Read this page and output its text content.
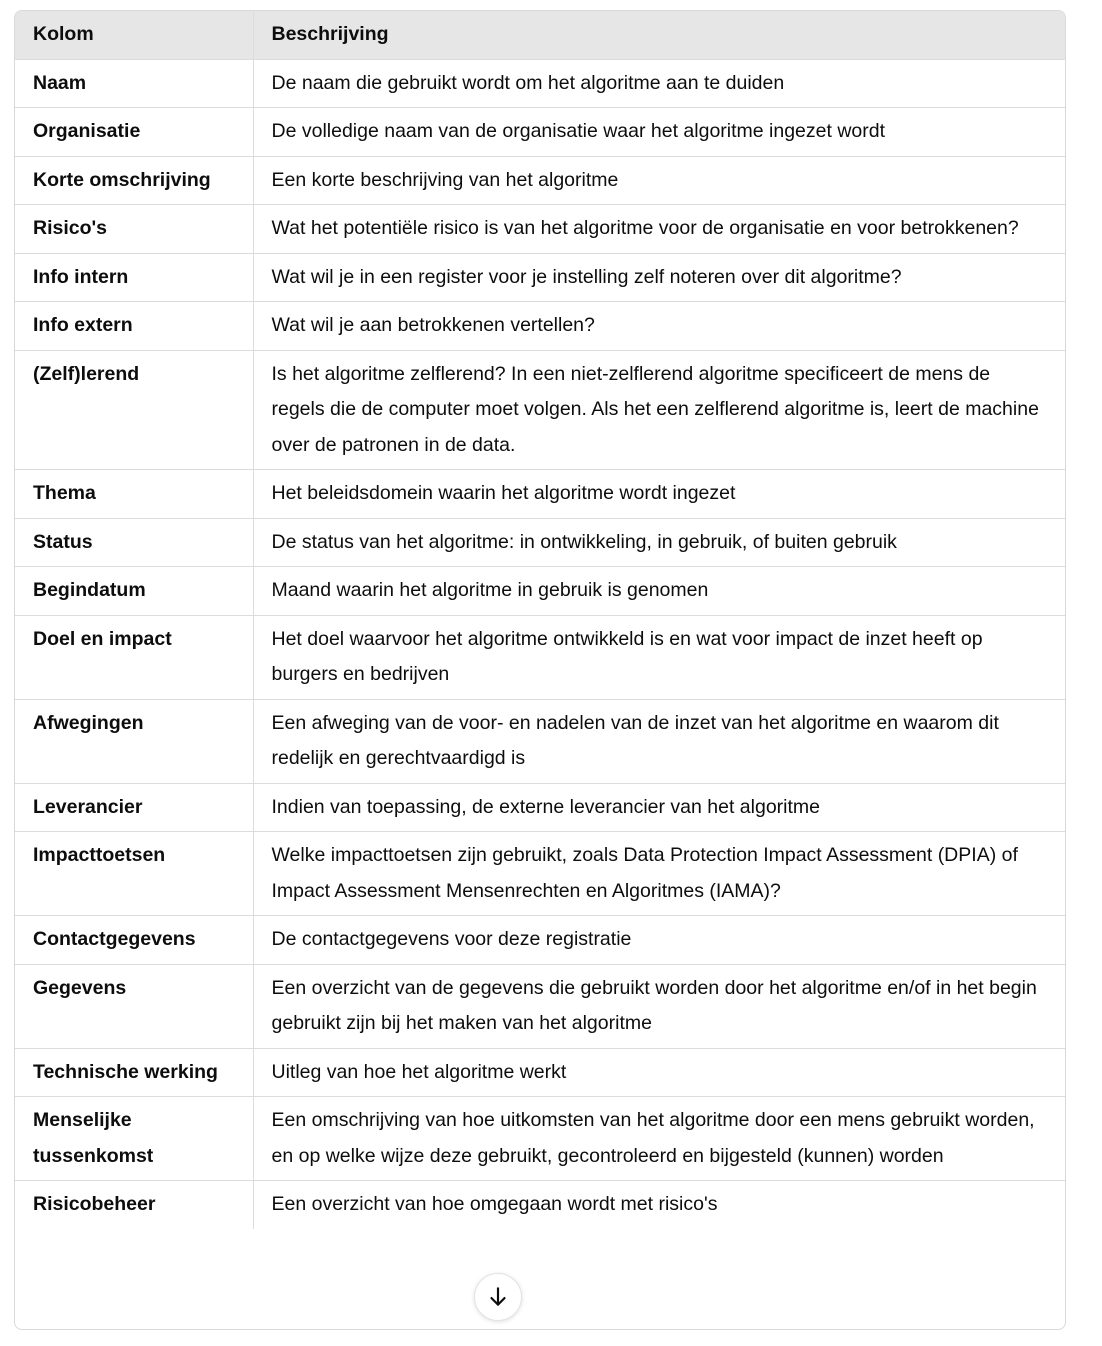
Kolom	Beschrijving
Naam	De naam die gebruikt wordt om het algoritme aan te duiden
Organisatie	De volledige naam van de organisatie waar het algoritme ingezet wordt
Korte omschrijving	Een korte beschrijving van het algoritme
Risico's	Wat het potentiële risico is van het algoritme voor de organisatie en voor betrokkenen?
Info intern	Wat wil je in een register voor je instelling zelf noteren over dit algoritme?
Info extern	Wat wil je aan betrokkenen vertellen?
(Zelf)lerend	Is het algoritme zelflerend? In een niet-zelflerend algoritme specificeert de mens de regels die de computer moet volgen. Als het een zelflerend algoritme is, leert de machine over de patronen in de data.
Thema	Het beleidsdomein waarin het algoritme wordt ingezet
Status	De status van het algoritme: in ontwikkeling, in gebruik, of buiten gebruik
Begindatum	Maand waarin het algoritme in gebruik is genomen
Doel en impact	Het doel waarvoor het algoritme ontwikkeld is en wat voor impact de inzet heeft op burgers en bedrijven
Afwegingen	Een afweging van de voor- en nadelen van de inzet van het algoritme en waarom dit redelijk en gerechtvaardigd is
Leverancier	Indien van toepassing, de externe leverancier van het algoritme
Impacttoetsen	Welke impacttoetsen zijn gebruikt, zoals Data Protection Impact Assessment (DPIA) of Impact Assessment Mensenrechten en Algoritmes (IAMA)?
Contactgegevens	De contactgegevens voor deze registratie
Gegevens	Een overzicht van de gegevens die gebruikt worden door het algoritme en/of in het begin gebruikt zijn bij het maken van het algoritme
Technische werking	Uitleg van hoe het algoritme werkt
Menselijke tussenkomst	Een omschrijving van hoe uitkomsten van het algoritme door een mens gebruikt worden, en op welke wijze deze gebruikt, gecontroleerd en bijgesteld (kunnen) worden
Risicobeheer	Een overzicht van hoe omgegaan wordt met risico's
